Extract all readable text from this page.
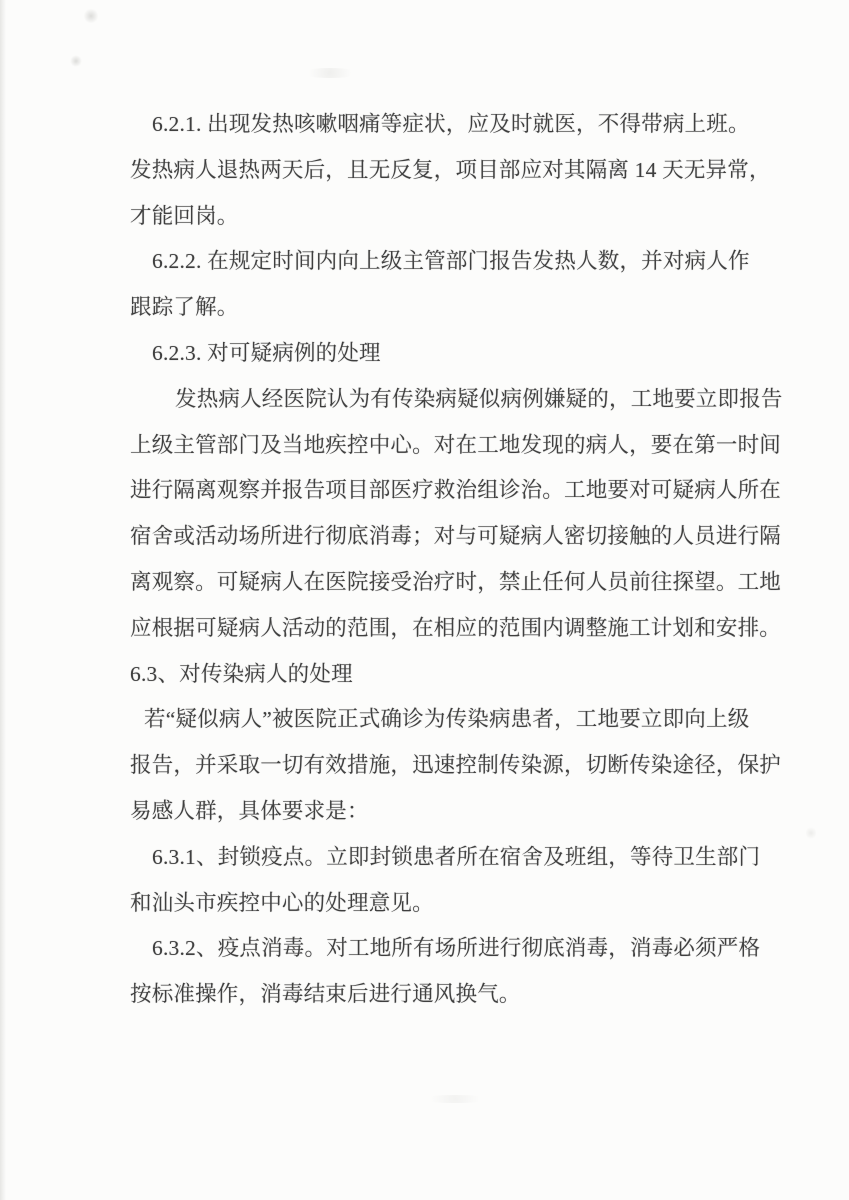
6.2.1. 出现发热咳嗽咽痛等症状，应及时就医，不得带病上班。
发热病人退热两天后，且无反复，项目部应对其隔离 14 天无异常，
才能回岗。
6.2.2. 在规定时间内向上级主管部门报告发热人数，并对病人作
跟踪了解。
6.2.3. 对可疑病例的处理
发热病人经医院认为有传染病疑似病例嫌疑的，工地要立即报告
上级主管部门及当地疾控中心。对在工地发现的病人，要在第一时间
进行隔离观察并报告项目部医疗救治组诊治。工地要对可疑病人所在
宿舍或活动场所进行彻底消毒；对与可疑病人密切接触的人员进行隔
离观察。可疑病人在医院接受治疗时，禁止任何人员前往探望。工地
应根据可疑病人活动的范围，在相应的范围内调整施工计划和安排。
6.3、对传染病人的处理
若“疑似病人”被医院正式确诊为传染病患者，工地要立即向上级
报告，并采取一切有效措施，迅速控制传染源，切断传染途径，保护
易感人群，具体要求是：
6.3.1、封锁疫点。立即封锁患者所在宿舍及班组，等待卫生部门
和汕头市疾控中心的处理意见。
6.3.2、疫点消毒。对工地所有场所进行彻底消毒，消毒必须严格
按标准操作，消毒结束后进行通风换气。
